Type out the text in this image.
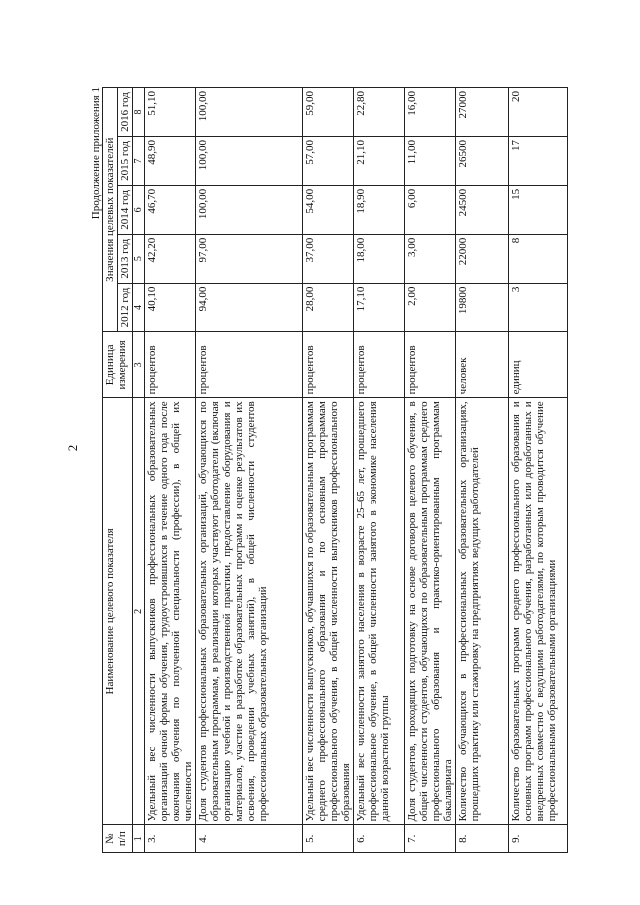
2
Продолжение приложения 1
№ п/п	Наименование целевого показателя	Единица измерения	Значения целевых показателей				
			2012 год	2013 год	2014 год	2015 год	2016 год
1	2	3	4	5	6	7	8
3.	Удельный вес численности выпускников профессиональных образовательных организаций очной формы обучения, трудоустроившихся в течение одного года после окончания обучения по полученной специальности (профессии), в общей их численности	процентов	40,10	42,20	46,70	48,90	51,10
4.	Доля студентов профессиональных образовательных организаций, обучающихся по образовательным программам, в реализации которых участвуют работодатели (включая организацию учебной и производственной практики, предоставление оборудования и материалов, участие в разработке образовательных программ и оценке результатов их освоения, проведении учебных занятий), в общей численности студентов профессиональных образовательных организаций	процентов	94,00	97,00	100,00	100,00	100,00
5.	Удельный вес численности выпускников, обучавшихся по образовательным программам среднего профессионального образования и по основным программам профессионального обучения, в общей численности выпускников профессионального образования	процентов	28,00	37,00	54,00	57,00	59,00
6.	Удельный вес численности занятого населения в возрасте 25–65 лет, прошедшего профессиональное обучение, в общей численности занятого в экономике населения данной возрастной группы	процентов	17,10	18,00	18,90	21,10	22,80
7.	Доля студентов, проходящих подготовку на основе договоров целевого обучения, в общей численности студентов, обучающихся по образовательным программам среднего профессионального образования и практико-ориентированным программам бакалавриата	процентов	2,00	3,00	6,00	11,00	16,00
8.	Количество обучающихся в профессиональных образовательных организациях, прошедших практику или стажировку на предприятиях ведущих работодателей	человек	19800	22000	24500	26500	27000
9.	Количество образовательных программ среднего профессионального образования и основных программ профессионального обучения, разработанных или доработанных и внедренных совместно с ведущими работодателями, по которым проводится обучение профессиональными образовательными организациями	единиц	3	8	15	17	20
